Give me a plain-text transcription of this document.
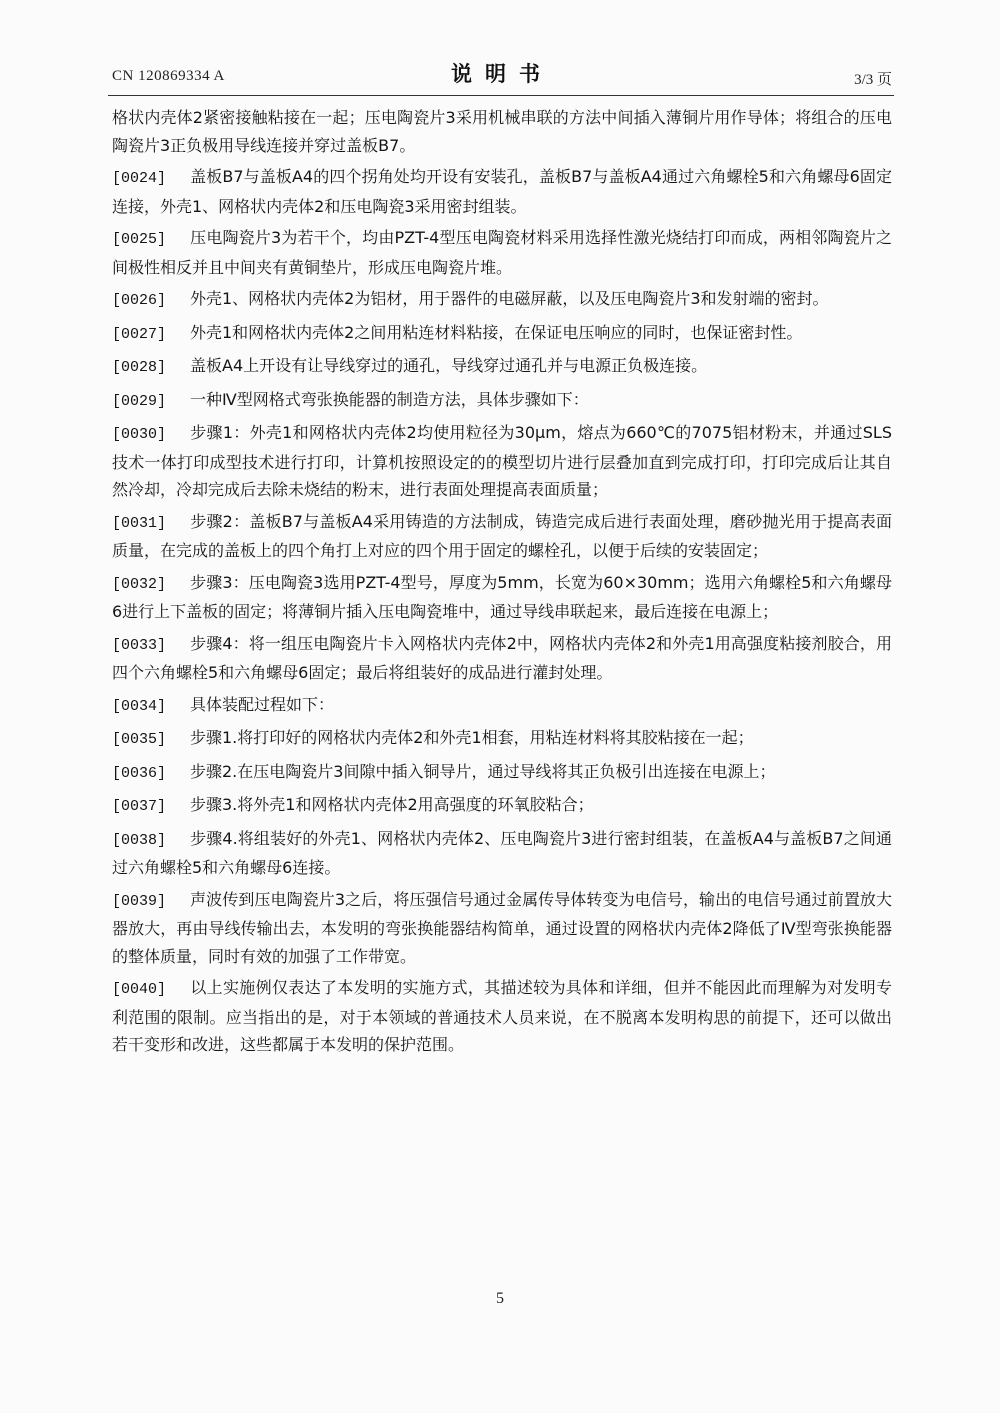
CN 120869334 A	说明书	3/3 页

格状内壳体2紧密接触粘接在一起；压电陶瓷片3采用机械串联的方法中间插入薄铜片用作导体；将组合的压电陶瓷片3正负极用导线连接并穿过盖板B7。

[0024] 盖板B7与盖板A4的四个拐角处均开设有安装孔，盖板B7与盖板A4通过六角螺栓5和六角螺母6固定连接，外壳1、网格状内壳体2和压电陶瓷3采用密封组装。

[0025] 压电陶瓷片3为若干个，均由PZT-4型压电陶瓷材料采用选择性激光烧结打印而成，两相邻陶瓷片之间极性相反并且中间夹有黄铜垫片，形成压电陶瓷片堆。

[0026] 外壳1、网格状内壳体2为铝材，用于器件的电磁屏蔽，以及压电陶瓷片3和发射端的密封。

[0027] 外壳1和网格状内壳体2之间用粘连材料粘接，在保证电压响应的同时，也保证密封性。

[0028] 盖板A4上开设有让导线穿过的通孔，导线穿过通孔并与电源正负极连接。

[0029] 一种Ⅳ型网格式弯张换能器的制造方法，具体步骤如下：

[0030] 步骤1：外壳1和网格状内壳体2均使用粒径为30μm，熔点为660℃的7075铝材粉末，并通过SLS技术一体打印成型技术进行打印，计算机按照设定的的模型切片进行层叠加直到完成打印，打印完成后让其自然冷却，冷却完成后去除未烧结的粉末，进行表面处理提高表面质量；

[0031] 步骤2：盖板B7与盖板A4采用铸造的方法制成，铸造完成后进行表面处理，磨砂抛光用于提高表面质量，在完成的盖板上的四个角打上对应的四个用于固定的螺栓孔，以便于后续的安装固定；

[0032] 步骤3：压电陶瓷3选用PZT-4型号，厚度为5mm，长宽为60×30mm；选用六角螺栓5和六角螺母6进行上下盖板的固定；将薄铜片插入压电陶瓷堆中，通过导线串联起来，最后连接在电源上；

[0033] 步骤4：将一组压电陶瓷片卡入网格状内壳体2中，网格状内壳体2和外壳1用高强度粘接剂胶合，用四个六角螺栓5和六角螺母6固定；最后将组装好的成品进行灌封处理。

[0034] 具体装配过程如下：

[0035] 步骤1.将打印好的网格状内壳体2和外壳1相套，用粘连材料将其胶粘接在一起；

[0036] 步骤2.在压电陶瓷片3间隙中插入铜导片，通过导线将其正负极引出连接在电源上；

[0037] 步骤3.将外壳1和网格状内壳体2用高强度的环氧胶粘合；

[0038] 步骤4.将组装好的外壳1、网格状内壳体2、压电陶瓷片3进行密封组装，在盖板A4与盖板B7之间通过六角螺栓5和六角螺母6连接。

[0039] 声波传到压电陶瓷片3之后，将压强信号通过金属传导体转变为电信号，输出的电信号通过前置放大器放大，再由导线传输出去，本发明的弯张换能器结构简单，通过设置的网格状内壳体2降低了Ⅳ型弯张换能器的整体质量，同时有效的加强了工作带宽。

[0040] 以上实施例仅表达了本发明的实施方式，其描述较为具体和详细，但并不能因此而理解为对发明专利范围的限制。应当指出的是，对于本领域的普通技术人员来说，在不脱离本发明构思的前提下，还可以做出若干变形和改进，这些都属于本发明的保护范围。

5
